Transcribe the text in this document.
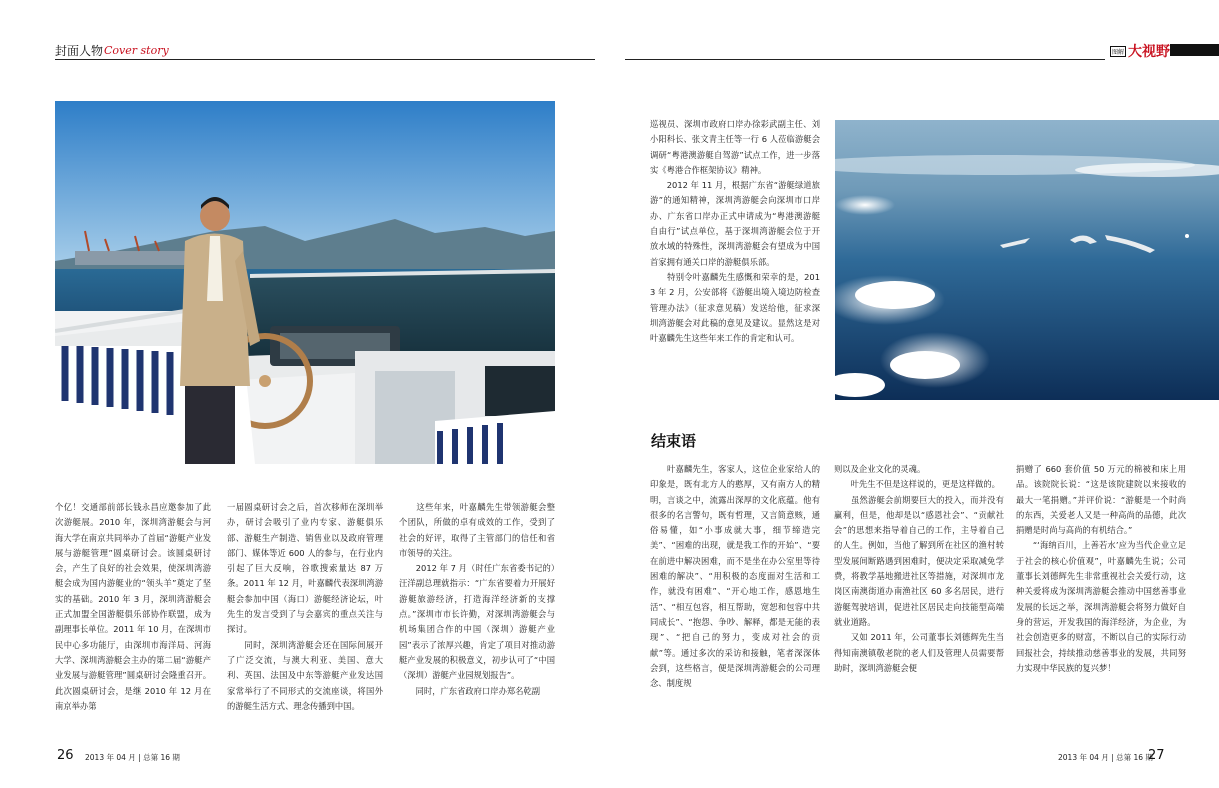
封面人物 Cover story	图解 大视野
个亿！交通部前部长钱永昌应邀参加了此次游艇展。2010 年，深圳湾游艇会与河海大学在南京共同举办了首届“游艇产业发展与游艇管理”圆桌研讨会。该圆桌研讨会，产生了良好的社会效果，使深圳湾游艇会成为国内游艇业的“领头羊”奠定了坚实的基础。2010 年 3 月，深圳湾游艇会正式加盟全国游艇俱乐部协作联盟，成为副理事长单位。2011 年 10 月，在深圳市民中心多功能厅，由深圳市海洋局、河海大学、深圳湾游艇会主办的第二届“游艇产业发展与游艇管理”圆桌研讨会隆重召开。此次圆桌研讨会，是继 2010 年 12 月在南京举办第
一届圆桌研讨会之后，首次移师在深圳举办，研讨会吸引了业内专家、游艇俱乐部、游艇生产制造、销售业以及政府管理部门、媒体等近 600 人的参与，在行业内引起了巨大反响，谷歌搜索量达 87 万条。2011 年 12 月，叶嘉麟代表深圳湾游艇会参加中国（海口）游艇经济论坛，叶先生的发言受到了与会嘉宾的重点关注与探讨。
　　同时，深圳湾游艇会还在国际间展开了广泛交流，与澳大利亚、美国、意大利、英国、法国及中东等游艇产业发达国家常举行了不同形式的交流座谈，将国外的游艇生活方式、理念传播到中国。
　　这些年来，叶嘉麟先生带领游艇会整个团队，所做的卓有成效的工作，受到了社会的好评，取得了主管部门的信任和省市领导的关注。
　　2012 年 7 月（时任广东省委书记的）汪洋副总理就指示：“广东省要着力开展好游艇旅游经济，打造海洋经济新的支撑点。”深圳市市长许勤，对深圳湾游艇会与机场集团合作的中国（深圳）游艇产业园”表示了浓厚兴趣，肯定了项目对推动游艇产业发展的积极意义，初步认可了“中国（深圳）游艇产业园规划报告”。
　　同时，广东省政府口岸办郑名乾副
巡视员、深圳市政府口岸办徐彩武副主任、刘小阳科长、张文青主任等一行 6 人莅临游艇会调研“粤港澳游艇自驾游”试点工作，进一步落实《粤港合作框架协议》精神。
　　2012 年 11 月，根据广东省“游艇绿道旅游”的通知精神，深圳湾游艇会向深圳市口岸办、广东省口岸办正式申请成为“粤港澳游艇自由行”试点单位，基于深圳湾游艇会位于开放水域的特殊性，深圳湾游艇会有望成为中国首家拥有通关口岸的游艇俱乐部。
　　特别令叶嘉麟先生感慨和荣幸的是，2013 年 2 月，公安部将《游艇出境入境边防检查管理办法》（征求意见稿）发送给他，征求深圳湾游艇会对此稿的意见及建议。显然这是对叶嘉麟先生这些年来工作的肯定和认可。
结束语
　　叶嘉麟先生，客家人，这位企业家给人的印象是，既有北方人的憨厚，又有南方人的精明，言谈之中，流露出深厚的文化底蕴。他有很多的名言警句，既有哲理，又言简意赅，通俗易懂，如“小事成就大事，细节缔造完美”、“困难的出现，就是我工作的开始”、“要在前进中解决困难，而不是坐在办公室里等待困难的解决”、“用积极的态度面对生活和工作，就没有困难”、“开心地工作，感恩地生活”、“相互包容，相互帮助，宽恕和包容中共同成长”、“抱怨、争吵、解释，都是无能的表现”、“把自己的努力，变成对社会的贡献”等。通过多次的采访和接触，笔者深深体会到，这些格言，便是深圳湾游艇会的公司理念、制度规
则以及企业文化的灵魂。
　　叶先生不但是这样说的，更是这样做的。
　　虽然游艇会前期要巨大的投入，而并没有赢利，但是，他却是以“感恩社会”、“贡献社会”的思想来指导着自己的工作，主导着自己的人生。例如，当他了解到所在社区的渔村转型发展间断路遇到困难时，便决定采取减免学费，将教学基地搬进社区等措施，对深圳市龙岗区南澳街道办南渔社区 60 多名居民，进行游艇驾驶培训，促进社区居民走向技能型高端就业道路。
　　又如 2011 年，公司董事长刘德辉先生当得知南澳镇敬老院的老人们及管理人员需要帮助时，深圳湾游艇会便
捐赠了 660 套价值 50 万元的棉被和床上用品。该院院长说：“这是该院建院以来接收的最大一笔捐赠。”并评价说：“游艇是一个时尚的东西，关爱老人又是一种高尚的品德，此次捐赠是时尚与高尚的有机结合。”
　　“‘海纳百川，上善若水’应为当代企业立足于社会的核心价值观”，叶嘉麟先生说；公司董事长刘德辉先生非常重视社会关爱行动，这种关爱将成为深圳湾游艇会推动中国慈善事业发展的长远之举，深圳湾游艇会将努力做好自身的营运，开发我国的海洋经济，为企业，为社会创造更多的财富，不断以自己的实际行动回报社会，持续推动慈善事业的发展，共同努力实现中华民族的复兴梦！
26 2013 年 04 月 | 总第 16 期	2013 年 04 月 | 总第 16 期
27
